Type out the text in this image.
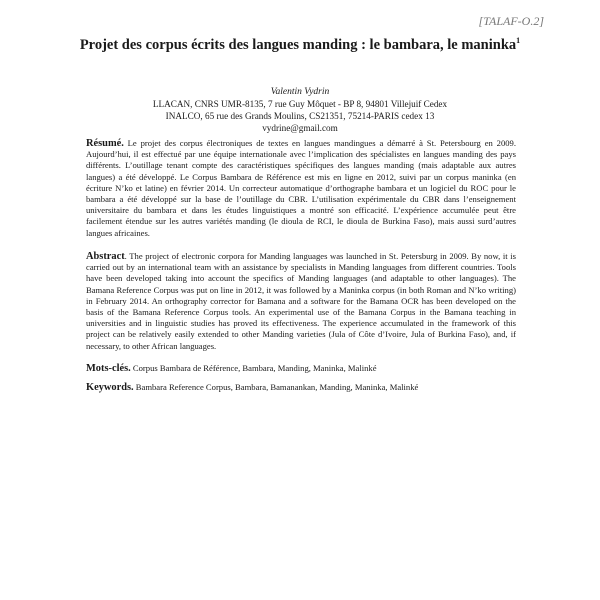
[TALAF-O.2]
Projet des corpus écrits des langues manding : le bambara, le maninka$^1$
Valentin Vydrin
LLACAN, CNRS UMR-8135, 7 rue Guy Môquet - BP 8, 94801 Villejuif Cedex
INALCO, 65 rue des Grands Moulins, CS21351, 75214-PARIS cedex 13
vydrine@gmail.com
Résumé. Le projet des corpus électroniques de textes en langues mandingues a démarré à St. Petersbourg en 2009. Aujourd’hui, il est effectué par une équipe internationale avec l’implication des spécialistes en langues manding des pays différents. L’outillage tenant compte des caractéristiques spécifiques des langues manding (mais adaptable aux autres langues) a été développé. Le Corpus Bambara de Référence est mis en ligne en 2012, suivi par un corpus maninka (en écriture N’ko et latine) en février 2014. Un correcteur automatique d’orthographe bambara et un logiciel du ROC pour le bambara a été développé sur la base de l’outillage du CBR. L’utilisation expérimentale du CBR dans l’enseignement universitaire du bambara et dans les études linguistiques a montré son efficacité. L’expérience accumulée peut être facilement étendue sur les autres variétés manding (le dioula de RCI, le dioula de Burkina Faso), mais aussi surd’autres langues africaines.
Abstract. The project of electronic corpora for Manding languages was launched in St. Petersburg in 2009. By now, it is carried out by an international team with an assistance by specialists in Manding languages from different countries. Tools have been developed taking into account the specifics of Manding languages (and adaptable to other languages). The Bamana Reference Corpus was put on line in 2012, it was followed by a Maninka corpus (in both Roman and N’ko writing) in February 2014. An orthography corrector for Bamana and a software for the Bamana OCR has been developed on the basis of the Bamana Reference Corpus tools. An experimental use of the Bamana Corpus in the Bamana teaching in universities and in linguistic studies has proved its effectiveness. The experience accumulated in the framework of this project can be relatively easily extended to other Manding varieties (Jula of Côte d’Ivoire, Jula of Burkina Faso), and, if necessary, to other African languages.
Mots-clés. Corpus Bambara de Référence, Bambara, Manding, Maninka, Malinké
Keywords. Bambara Reference Corpus, Bambara, Bamanankan, Manding, Maninka, Malinké
